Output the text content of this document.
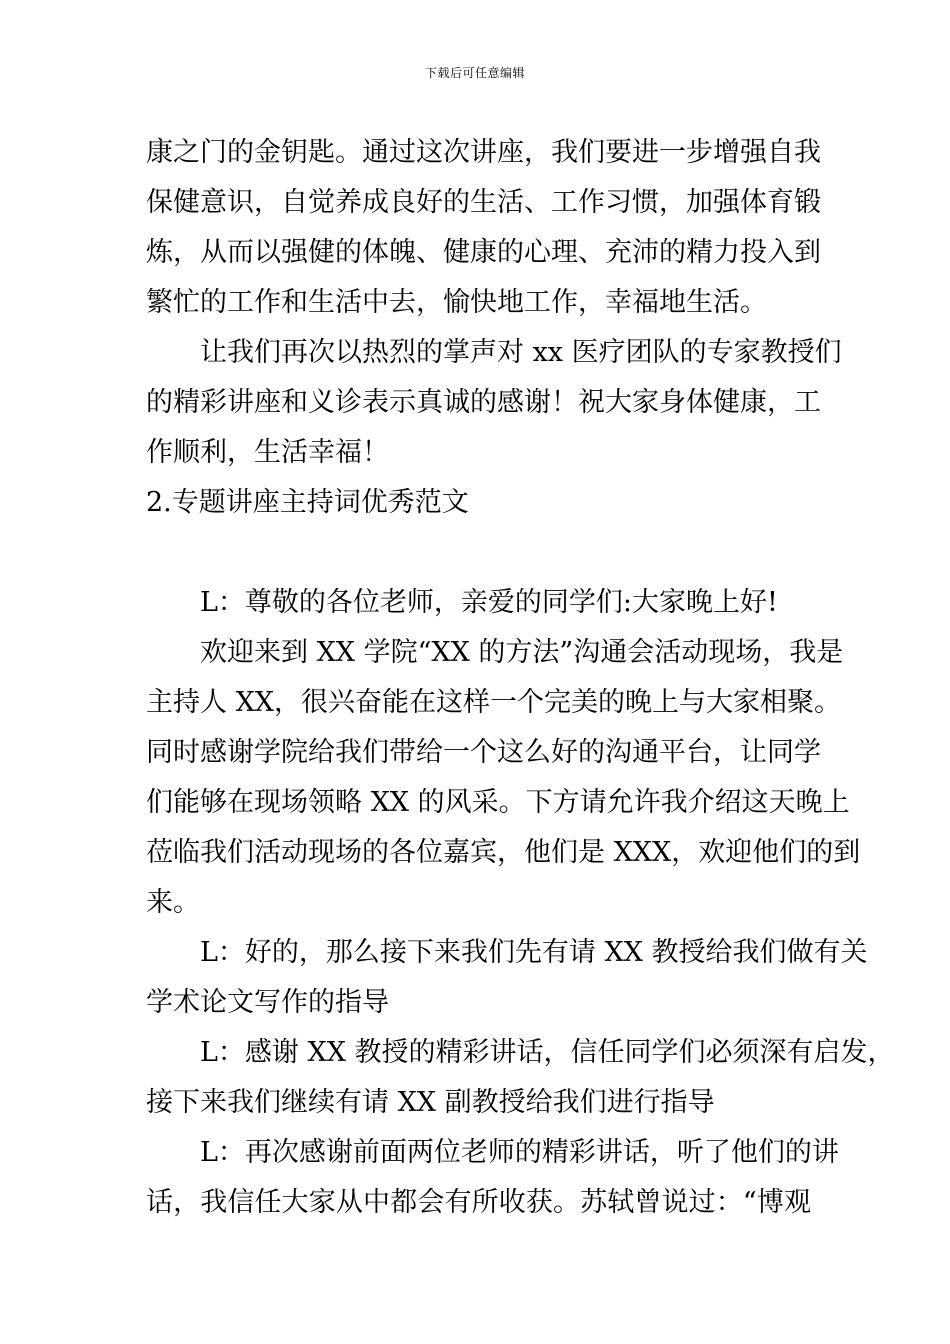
下载后可任意编辑
康之门的金钥匙。通过这次讲座，我们要进一步增强自我
保健意识，自觉养成良好的生活、工作习惯，加强体育锻
炼，从而以强健的体魄、健康的心理、充沛的精力投入到
繁忙的工作和生活中去，愉快地工作，幸福地生活。
让我们再次以热烈的掌声对 xx 医疗团队的专家教授们
的精彩讲座和义诊表示真诚的感谢！祝大家身体健康，工
作顺利，生活幸福！
2.专题讲座主持词优秀范文
L：尊敬的各位老师，亲爱的同学们:大家晚上好!
欢迎来到 XX 学院“XX 的方法”沟通会活动现场，我是
主持人 XX，很兴奋能在这样一个完美的晚上与大家相聚。
同时感谢学院给我们带给一个这么好的沟通平台，让同学
们能够在现场领略 XX 的风采。下方请允许我介绍这天晚上
莅临我们活动现场的各位嘉宾，他们是 XXX，欢迎他们的到
来。
L：好的，那么接下来我们先有请 XX 教授给我们做有关
学术论文写作的指导
L：感谢 XX 教授的精彩讲话，信任同学们必须深有启发，
接下来我们继续有请 XX 副教授给我们进行指导
L：再次感谢前面两位老师的精彩讲话，听了他们的讲
话，我信任大家从中都会有所收获。苏轼曾说过：“博观
